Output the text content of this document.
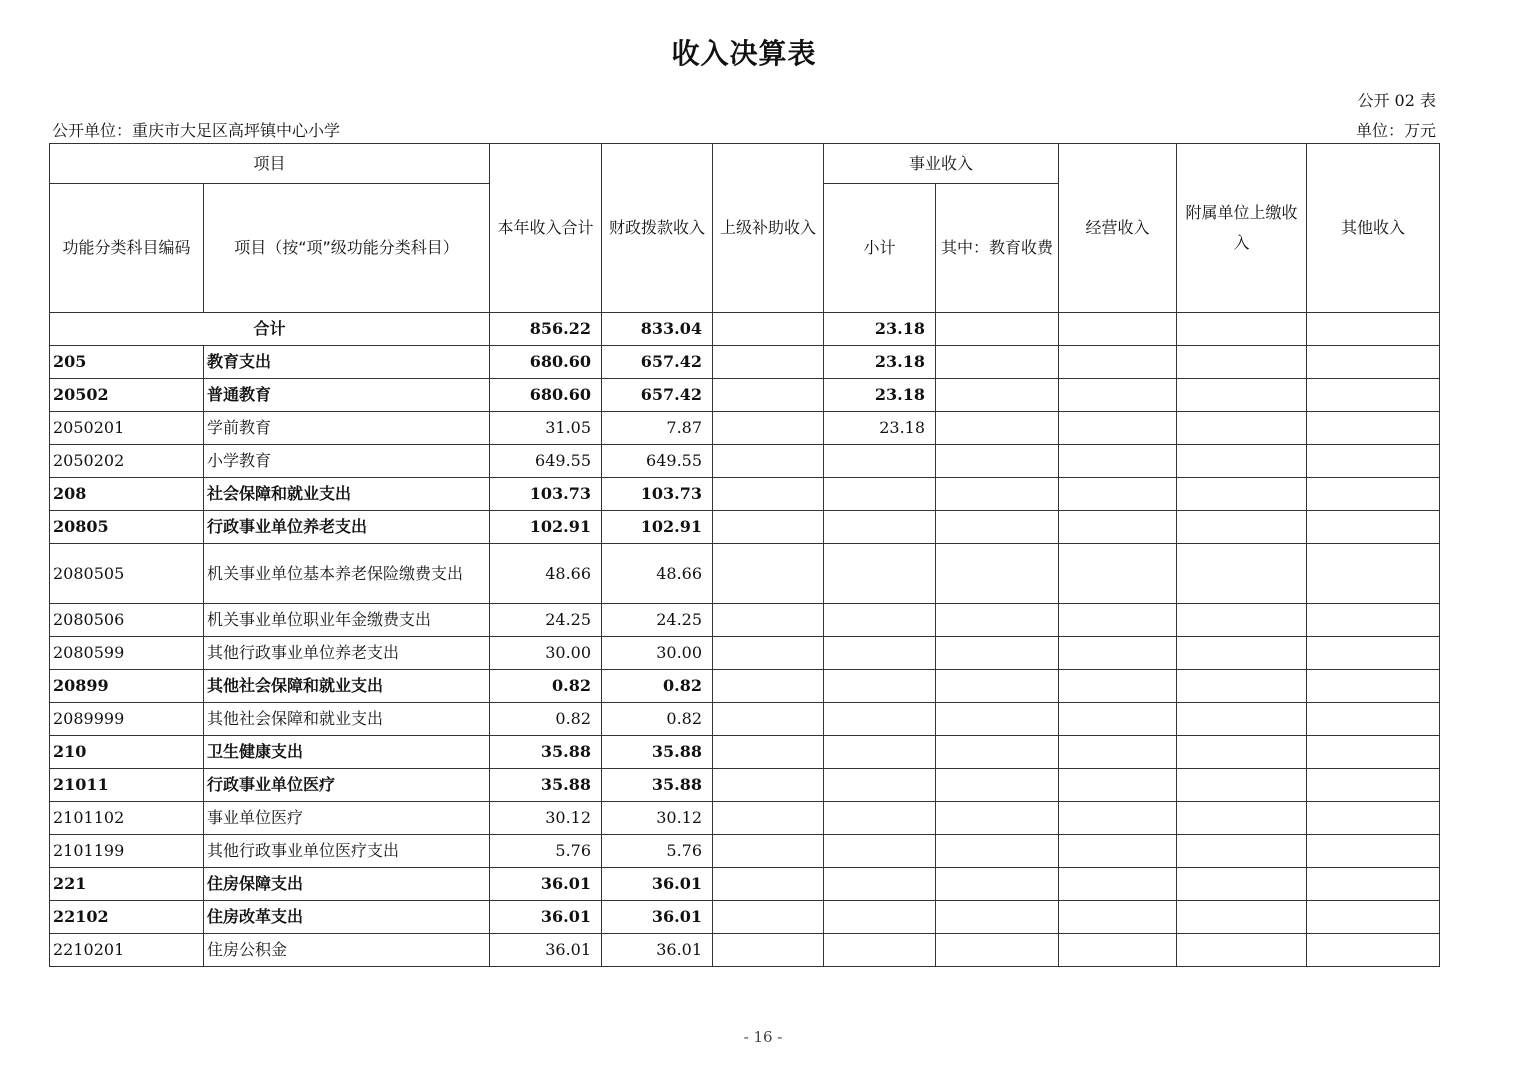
收入决算表
公开 02 表
公开单位：重庆市大足区高坪镇中心小学	单位：万元
项目		本年收入合计	财政拨款收入	上级补助收入	事业收入		经营收入	附属单位上缴收入	其他收入
功能分类科目编码	项目（按“项”级功能分类科目）				小计	其中：教育收费			
合计		856.22	833.04		23.18				
205	教育支出	680.60	657.42		23.18				
20502	普通教育	680.60	657.42		23.18				
2050201	学前教育	31.05	7.87		23.18				
2050202	小学教育	649.55	649.55						
208	社会保障和就业支出	103.73	103.73						
20805	行政事业单位养老支出	102.91	102.91						
2080505	机关事业单位基本养老保险缴费支出	48.66	48.66						
2080506	机关事业单位职业年金缴费支出	24.25	24.25						
2080599	其他行政事业单位养老支出	30.00	30.00						
20899	其他社会保障和就业支出	0.82	0.82						
2089999	其他社会保障和就业支出	0.82	0.82						
210	卫生健康支出	35.88	35.88						
21011	行政事业单位医疗	35.88	35.88						
2101102	事业单位医疗	30.12	30.12						
2101199	其他行政事业单位医疗支出	5.76	5.76						
221	住房保障支出	36.01	36.01						
22102	住房改革支出	36.01	36.01						
2210201	住房公积金	36.01	36.01						
- 16 -
